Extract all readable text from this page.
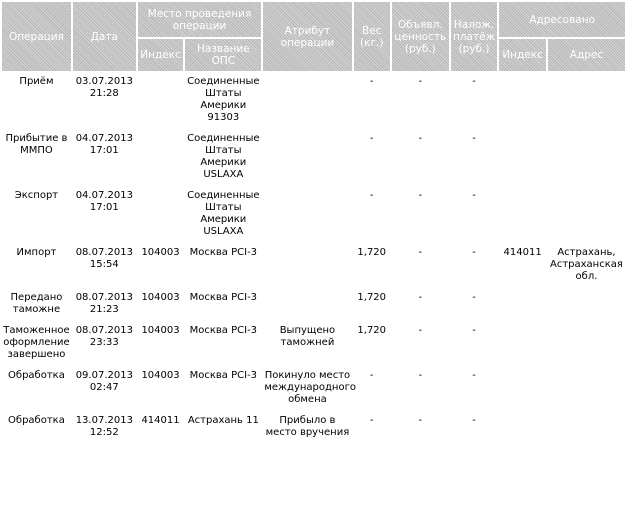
Операция	Дата	Место проведения операции		Атрибут операции	Вес (кг.)	Объявл. ценность (руб.)	Налож. платёж (руб.)	Адресовано	
		Индекс	Название ОПС					Индекс	Адрес
Приём	03.07.2013 21:28		Соединенные Штаты Америки 91303		-	-	-		
Прибытие в ММПО	04.07.2013 17:01		Соединенные Штаты Америки USLAXA		-	-	-		
Экспорт	04.07.2013 17:01		Соединенные Штаты Америки USLAXA		-	-	-		
Импорт	08.07.2013 15:54	104003	Москва PCI-3		1,720	-	-	414011	Астрахань, Астраханская обл.
Передано таможне	08.07.2013 21:23	104003	Москва PCI-3		1,720	-	-		
Таможенное оформление завершено	08.07.2013 23:33	104003	Москва PCI-3	Выпущено таможней	1,720	-	-		
Обработка	09.07.2013 02:47	104003	Москва PCI-3	Покинуло место международного обмена	-	-	-		
Обработка	13.07.2013 12:52	414011	Астрахань 11	Прибыло в место вручения	-	-	-		
